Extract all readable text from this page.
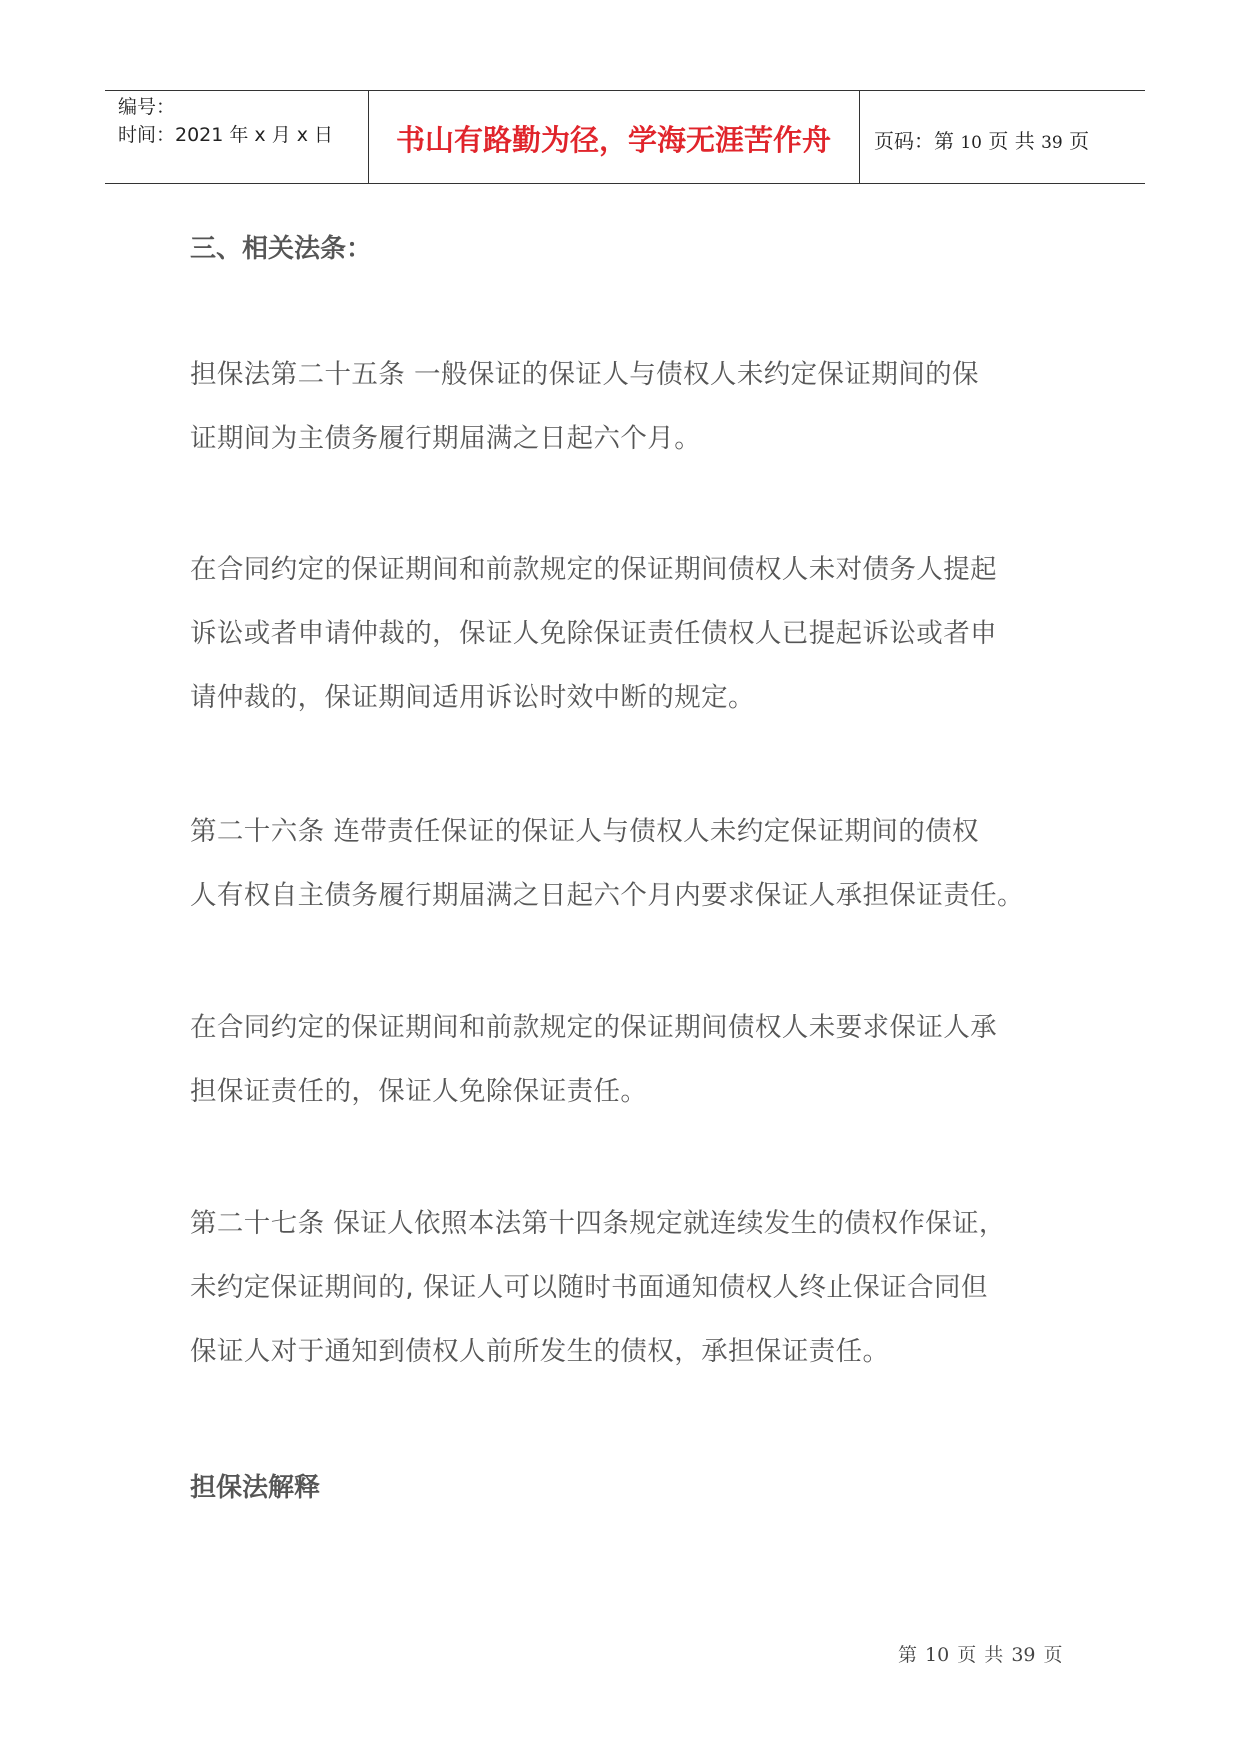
编号：
时间：2021 年 x 月 x 日	书山有路勤为径，学海无涯苦作舟	页码：第 10 页 共 39 页
三、相关法条：
担保法第二十五条 一般保证的保证人与债权人未约定保证期间的保
证期间为主债务履行期届满之日起六个月。
在合同约定的保证期间和前款规定的保证期间债权人未对债务人提起
诉讼或者申请仲裁的，保证人免除保证责任债权人已提起诉讼或者申
请仲裁的，保证期间适用诉讼时效中断的规定。
第二十六条 连带责任保证的保证人与债权人未约定保证期间的债权
人有权自主债务履行期届满之日起六个月内要求保证人承担保证责任。
在合同约定的保证期间和前款规定的保证期间债权人未要求保证人承
担保证责任的，保证人免除保证责任。
第二十七条 保证人依照本法第十四条规定就连续发生的债权作保证，
未约定保证期间的, 保证人可以随时书面通知债权人终止保证合同但
保证人对于通知到债权人前所发生的债权，承担保证责任。
担保法解释
第 10 页 共 39 页
